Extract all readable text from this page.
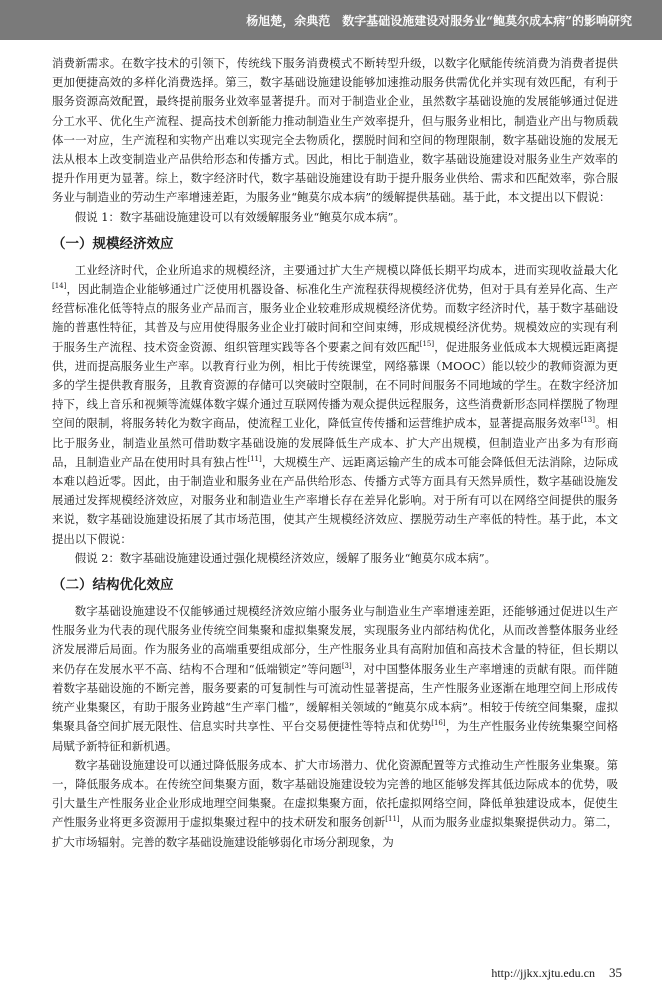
杨旭楚，余典范　数字基础设施建设对服务业“鲍莫尔成本病”的影响研究

消费新需求。在数字技术的引领下，传统线下服务消费模式不断转型升级，以数字化赋能传统消费为消费者提供更加便捷高效的多样化消费选择。第三，数字基础设施建设能够加速推动服务供需优化并实现有效匹配，有利于服务资源高效配置，最终提前服务业效率显著提升。而对于制造业企业，虽然数字基础设施的发展能够通过促进分工水平、优化生产流程、提高技术创新能力推动制造业生产效率提升，但与服务业相比，制造业产出与物质载体一一对应，生产流程和实物产出难以实现完全去物质化，摆脱时间和空间的物理限制，数字基础设施的发展无法从根本上改变制造业产品供给形态和传播方式。因此，相比于制造业，数字基础设施建设对服务业生产效率的提升作用更为显著。综上，数字经济时代，数字基础设施建设有助于提升服务业供给、需求和匹配效率，弥合服务业与制造业的劳动生产率增速差距，为服务业“鲍莫尔成本病”的缓解提供基础。基于此，本文提出以下假说：

假说 1：数字基础设施建设可以有效缓解服务业“鲍莫尔成本病”。

（一）规模经济效应

工业经济时代，企业所追求的规模经济，主要通过扩大生产规模以降低长期平均成本，进而实现收益最大化[14]，因此制造企业能够通过广泛使用机器设备、标准化生产流程获得规模经济优势，但对于具有差异化高、生产经营标准化低等特点的服务业产品而言，服务业企业较难形成规模经济优势。而数字经济时代，基于数字基础设施的普惠性特征，其普及与应用使得服务业企业打破时间和空间束缚，形成规模经济优势。规模效应的实现有利于服务生产流程、技术资金资源、组织管理实践等各个要素之间有效匹配[15]，促进服务业低成本大规模远距离提供，进而提高服务业生产率。以教育行业为例，相比于传统课堂，网络慕课（MOOC）能以较少的教师资源为更多的学生提供教育服务，且教育资源的存储可以突破时空限制，在不同时间服务不同地域的学生。在数字经济加持下，线上音乐和视频等流媒体数字媒介通过互联网传播为观众提供远程服务，这些消费新形态同样摆脱了物理空间的限制，将服务转化为数字商品，使流程工业化，降低宣传传播和运营维护成本，显著提高服务效率[13]。相比于服务业，制造业虽然可借助数字基础设施的发展降低生产成本、扩大产出规模，但制造业产出多为有形商品，且制造业产品在使用时具有独占性[11]，大规模生产、远距离运输产生的成本可能会降低但无法消除，边际成本难以趋近零。因此，由于制造业和服务业在产品供给形态、传播方式等方面具有天然异质性，数字基础设施发展通过发挥规模经济效应，对服务业和制造业生产率增长存在差异化影响。对于所有可以在网络空间提供的服务来说，数字基础设施建设拓展了其市场范围，使其产生规模经济效应、摆脱劳动生产率低的特性。基于此，本文提出以下假说：

假说 2：数字基础设施建设通过强化规模经济效应，缓解了服务业“鲍莫尔成本病”。

（二）结构优化效应

数字基础设施建设不仅能够通过规模经济效应缩小服务业与制造业生产率增速差距，还能够通过促进以生产性服务业为代表的现代服务业传统空间集聚和虚拟集聚发展，实现服务业内部结构优化，从而改善整体服务业经济发展滞后局面。作为服务业的高端重要组成部分，生产性服务业具有高附加值和高技术含量的特征，但长期以来仍存在发展水平不高、结构不合理和“低端锁定”等问题[3]，对中国整体服务业生产率增速的贡献有限。而伴随着数字基础设施的不断完善，服务要素的可复制性与可流动性显著提高，生产性服务业逐渐在地理空间上形成传统产业集聚区，有助于服务业跨越“生产率门槛”，缓解相关领域的“鲍莫尔成本病”。相较于传统空间集聚，虚拟集聚具备空间扩展无限性、信息实时共享性、平台交易便捷性等特点和优势[16]，为生产性服务业传统集聚空间格局赋予新特征和新机遇。

数字基础设施建设可以通过降低服务成本、扩大市场潜力、优化资源配置等方式推动生产性服务业集聚。第一，降低服务成本。在传统空间集聚方面，数字基础设施建设较为完善的地区能够发挥其低边际成本的优势，吸引大量生产性服务业企业形成地理空间集聚。在虚拟集聚方面，依托虚拟网络空间，降低单独建设成本，促使生产性服务业将更多资源用于虚拟集聚过程中的技术研发和服务创新[11]，从而为服务业虚拟集聚提供动力。第二，扩大市场辐射。完善的数字基础设施建设能够弱化市场分割现象，为

http://jjkx.xjtu.edu.cn 35
